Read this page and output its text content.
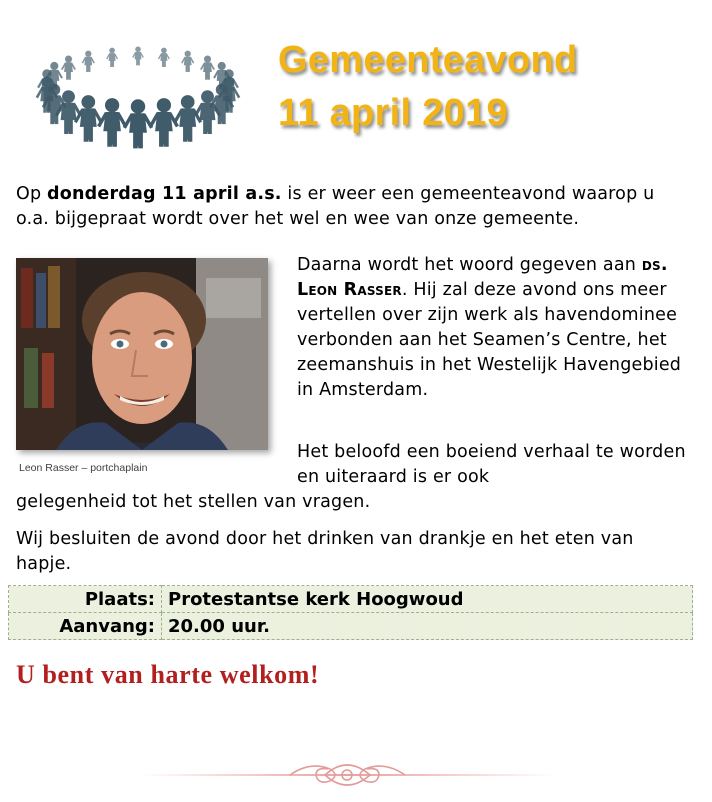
Gemeenteavond
11 april 2019

Op donderdag 11 april a.s. is er weer een gemeenteavond waarop u o.a. bijgepraat wordt over het wel en wee van onze gemeente.

Leon Rasser – portchaplain

Daarna wordt het woord gegeven aan ds. Leon Rasser. Hij zal deze avond ons meer vertellen over zijn werk als havendominee verbonden aan het Seamen’s Centre, het zeemanshuis in het Westelijk Havengebied in Amsterdam.

Het beloofd een boeiend verhaal te worden en uiteraard is er ook

gelegenheid tot het stellen van vragen.

Wij besluiten de avond door het drinken van drankje en het eten van hapje.

Plaats:	Protestantse kerk Hoogwoud
Aanvang:	20.00 uur.

U bent van harte welkom!
